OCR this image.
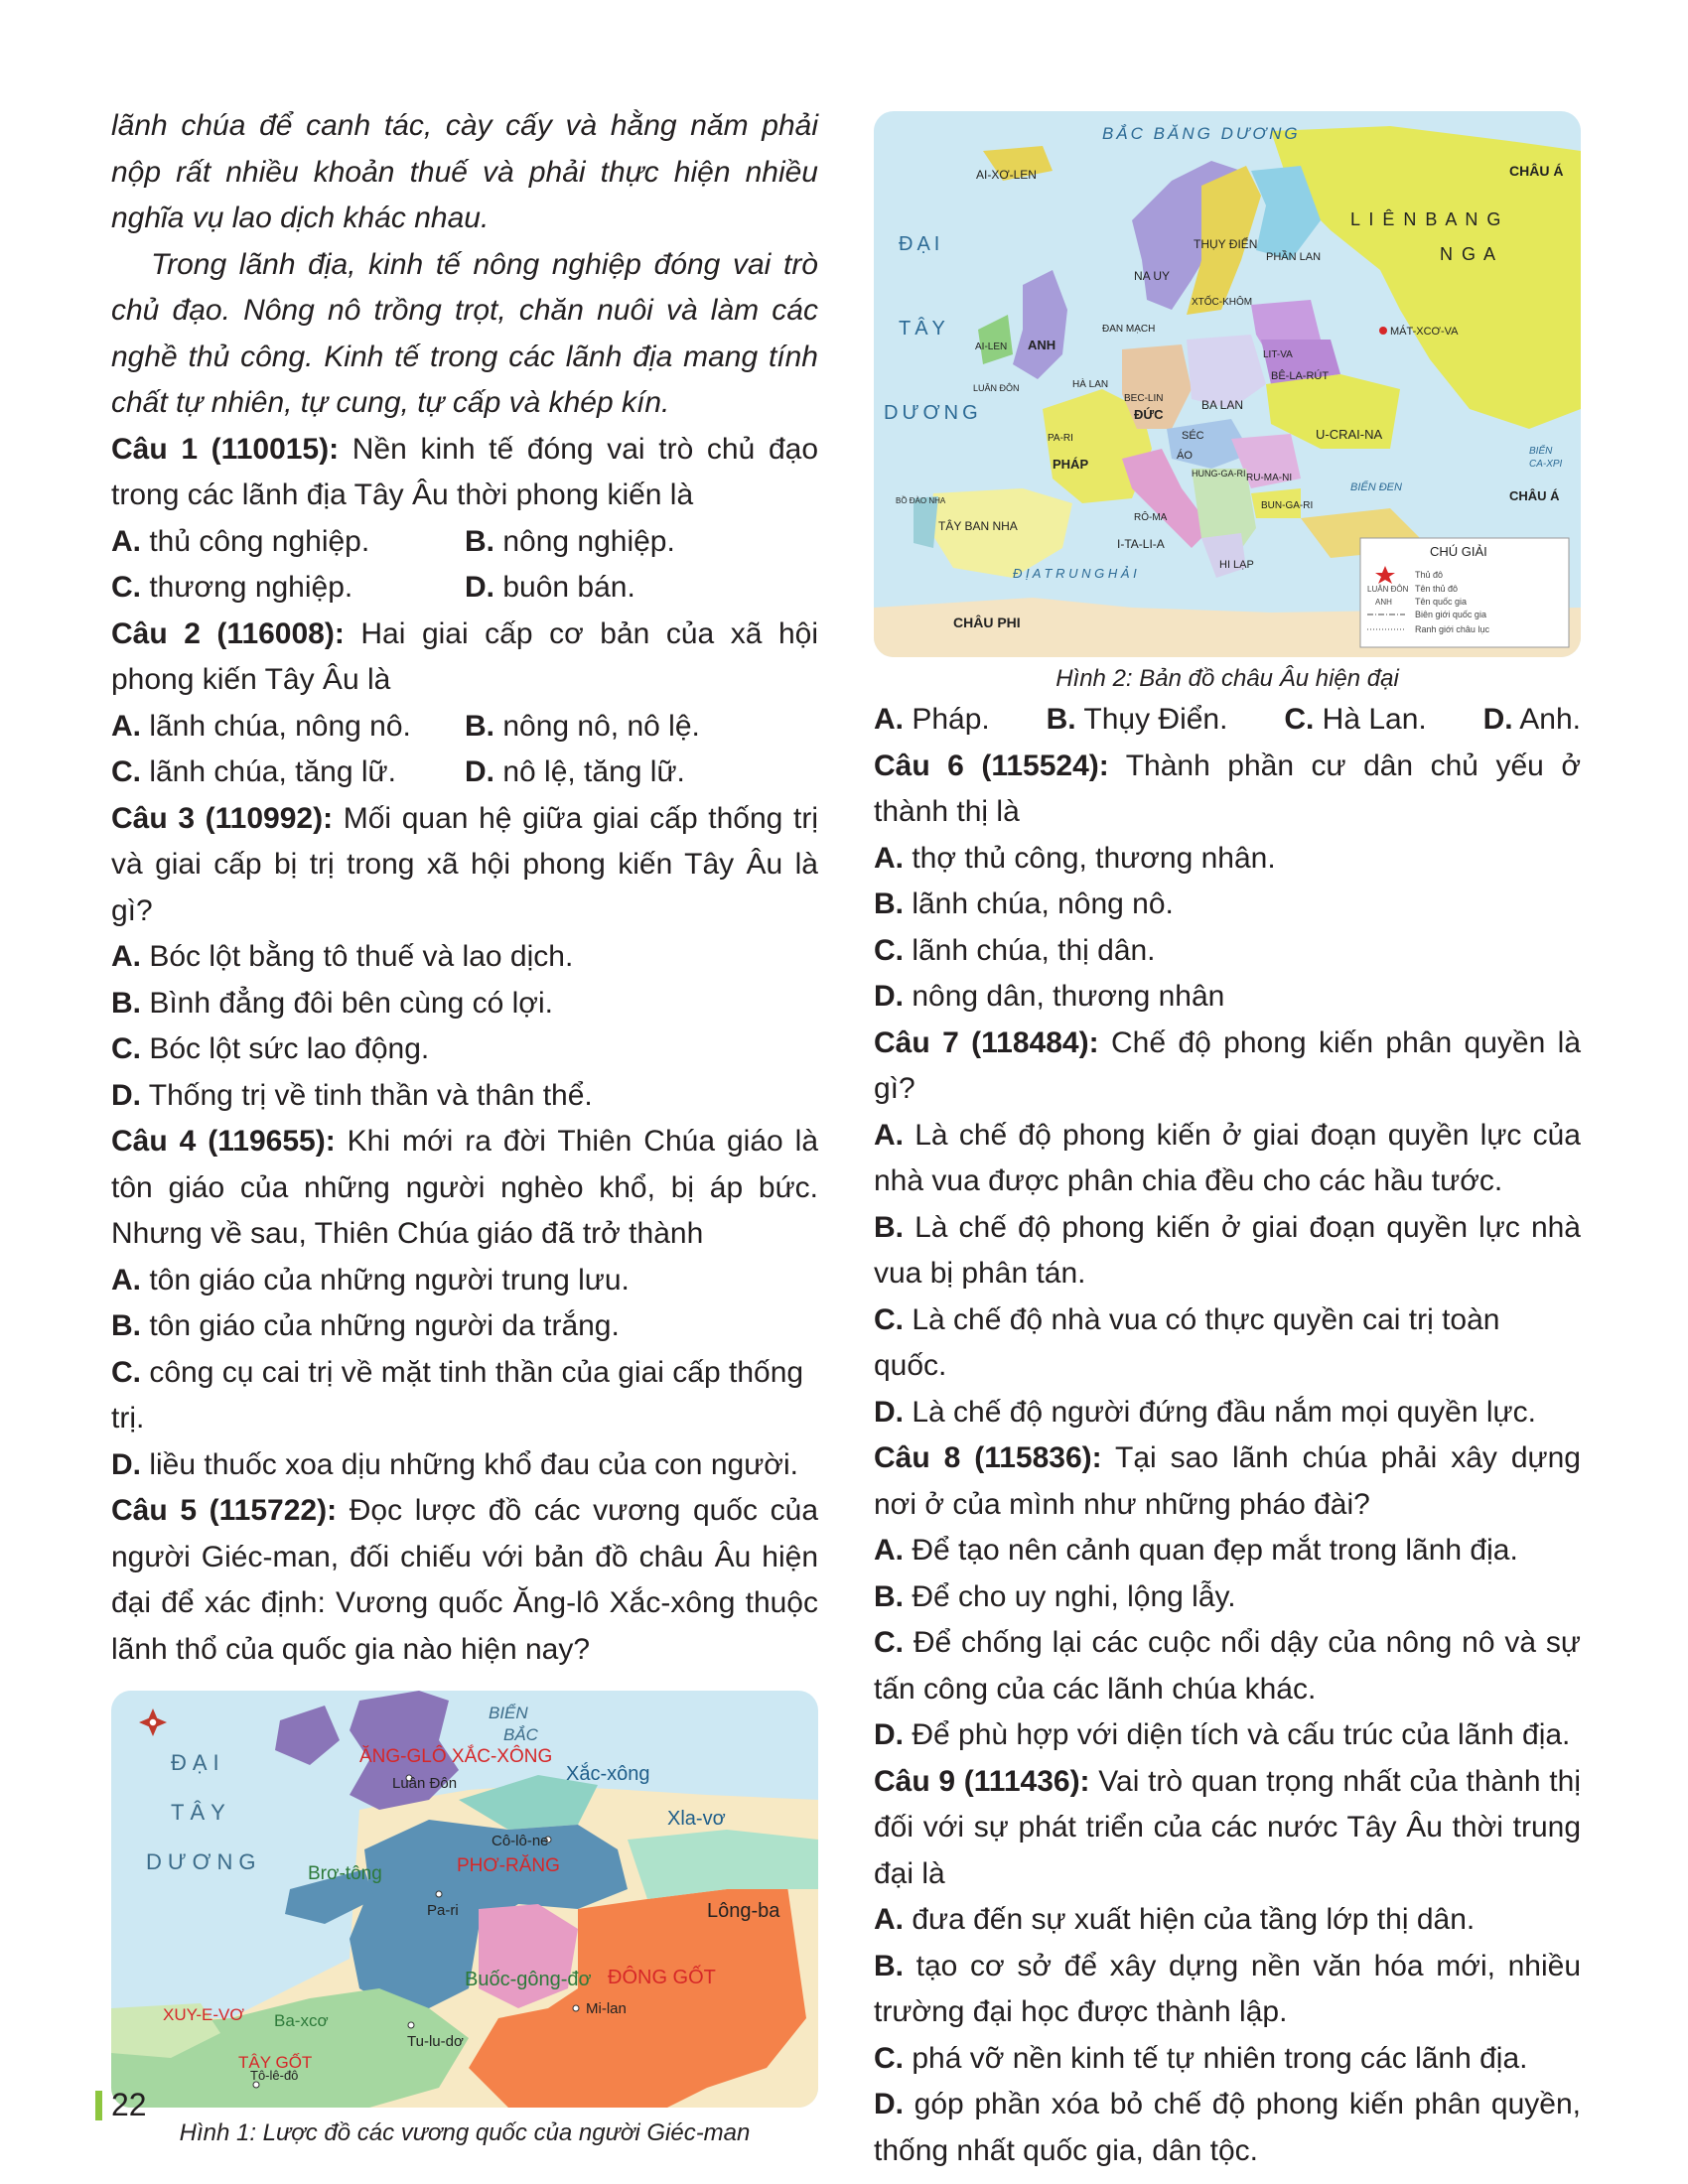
lãnh chúa để canh tác, cày cấy và hằng năm phải nộp rất nhiều khoản thuế và phải thực hiện nhiều nghĩa vụ lao dịch khác nhau.

Trong lãnh địa, kinh tế nông nghiệp đóng vai trò chủ đạo. Nông nô trồng trọt, chăn nuôi và làm các nghề thủ công. Kinh tế trong các lãnh địa mang tính chất tự nhiên, tự cung, tự cấp và khép kín.

Câu 1 (110015): Nền kinh tế đóng vai trò chủ đạo trong các lãnh địa Tây Âu thời phong kiến là

A. thủ công nghiệp.	B. nông nghiệp.
C. thương nghiệp.	D. buôn bán.

Câu 2 (116008): Hai giai cấp cơ bản của xã hội phong kiến Tây Âu là

A. lãnh chúa, nông nô.	B. nông nô, nô lệ.
C. lãnh chúa, tăng lữ.	D. nô lệ, tăng lữ.

Câu 3 (110992): Mối quan hệ giữa giai cấp thống trị và giai cấp bị trị trong xã hội phong kiến Tây Âu là gì?

A. Bóc lột bằng tô thuế và lao dịch.
B. Bình đẳng đôi bên cùng có lợi.
C. Bóc lột sức lao động.
D. Thống trị về tinh thần và thân thể.

Câu 4 (119655): Khi mới ra đời Thiên Chúa giáo là tôn giáo của những người nghèo khổ, bị áp bức. Nhưng về sau, Thiên Chúa giáo đã trở thành

A. tôn giáo của những người trung lưu.
B. tôn giáo của những người da trắng.
C. công cụ cai trị về mặt tinh thần của giai cấp thống trị.
D. liều thuốc xoa dịu những khổ đau của con người.

Câu 5 (115722): Đọc lược đồ các vương quốc của người Giéc-man, đối chiếu với bản đồ châu Âu hiện đại để xác định: Vương quốc Ăng-lô Xắc-xông thuộc lãnh thổ của quốc gia nào hiện nay?

ĐẠI
TÂY
DƯƠNG
BIỂN
BẮC
ĂNG-GLÔ XẮC-XÔNG
Luân Đôn	Xắc-xông
Xla-vơ
Cô-lô-ne
PHƠ-RĂNG
Pa-ri
Brơ-tông
Lông-ba
Buốc-gông-đơ ĐÔNG GỐT
Mi-lan
XUY-E-VƠ Ba-xcơ
Tu-lu-dơ
TÂY GỐT
Tô-lê-đô
Hình 1: Lược đồ các vương quốc của người Giéc-man
BẮC BĂNG DƯƠNG
CHÂU Á
L I Ê N B A N G
N G A
AI-XƠ-LEN
ĐẠI
TÂY
DƯƠNG
NA UY
THỤY ĐIỂN
PHẦN LAN
XTỐC-KHÔM
MÁT-XCƠ-VA
ANH
AI-LEN
ĐAN MẠCH
LIT-VA
BÊ-LA-RÚT
LUÂN ĐÔN	HÀ LAN
BEC-LIN
ĐỨC
BA LAN
PA-RI	SÉC	U-CRAI-NA
PHÁP
ÁO
HUNG-GA-RI
BIỂN
CA-XPI
BỒ ĐÀO NHA
TÂY BAN NHA
RU-MA-NI
BIỂN ĐEN
CHÂU Á
RÔ-MA
BUN-GA-RI
I-TA-LI-A
HI LẠP
CHÂU PHI
Đ Ị A T R U N G H Ả I
CHÚ GIẢI
Thủ đô
LUÂN ĐÔN Tên thủ đô
ANH	Tên quốc gia
Biên giới quốc gia
Ranh giới châu lục
Hình 2: Bản đồ châu Âu hiện đại
A. Pháp. B. Thụy Điển. C. Hà Lan. D. Anh.

Câu 6 (115524): Thành phần cư dân chủ yếu ở thành thị là

A. thợ thủ công, thương nhân.
B. lãnh chúa, nông nô.
C. lãnh chúa, thị dân.
D. nông dân, thương nhân

Câu 7 (118484): Chế độ phong kiến phân quyền là gì?

A. Là chế độ phong kiến ở giai đoạn quyền lực của nhà vua được phân chia đều cho các hầu tước.
B. Là chế độ phong kiến ở giai đoạn quyền lực nhà vua bị phân tán.
C. Là chế độ nhà vua có thực quyền cai trị toàn quốc.
D. Là chế độ người đứng đầu nắm mọi quyền lực.

Câu 8 (115836): Tại sao lãnh chúa phải xây dựng nơi ở của mình như những pháo đài?

A. Để tạo nên cảnh quan đẹp mắt trong lãnh địa.
B. Để cho uy nghi, lộng lẫy.
C. Để chống lại các cuộc nổi dậy của nông nô và sự tấn công của các lãnh chúa khác.
D. Để phù hợp với diện tích và cấu trúc của lãnh địa.

Câu 9 (111436): Vai trò quan trọng nhất của thành thị đối với sự phát triển của các nước Tây Âu thời trung đại là

A. đưa đến sự xuất hiện của tầng lớp thị dân.
B. tạo cơ sở để xây dựng nền văn hóa mới, nhiều trường đại học được thành lập.
C. phá vỡ nền kinh tế tự nhiên trong các lãnh địa.
D. góp phần xóa bỏ chế độ phong kiến phân quyền, thống nhất quốc gia, dân tộc.
22
